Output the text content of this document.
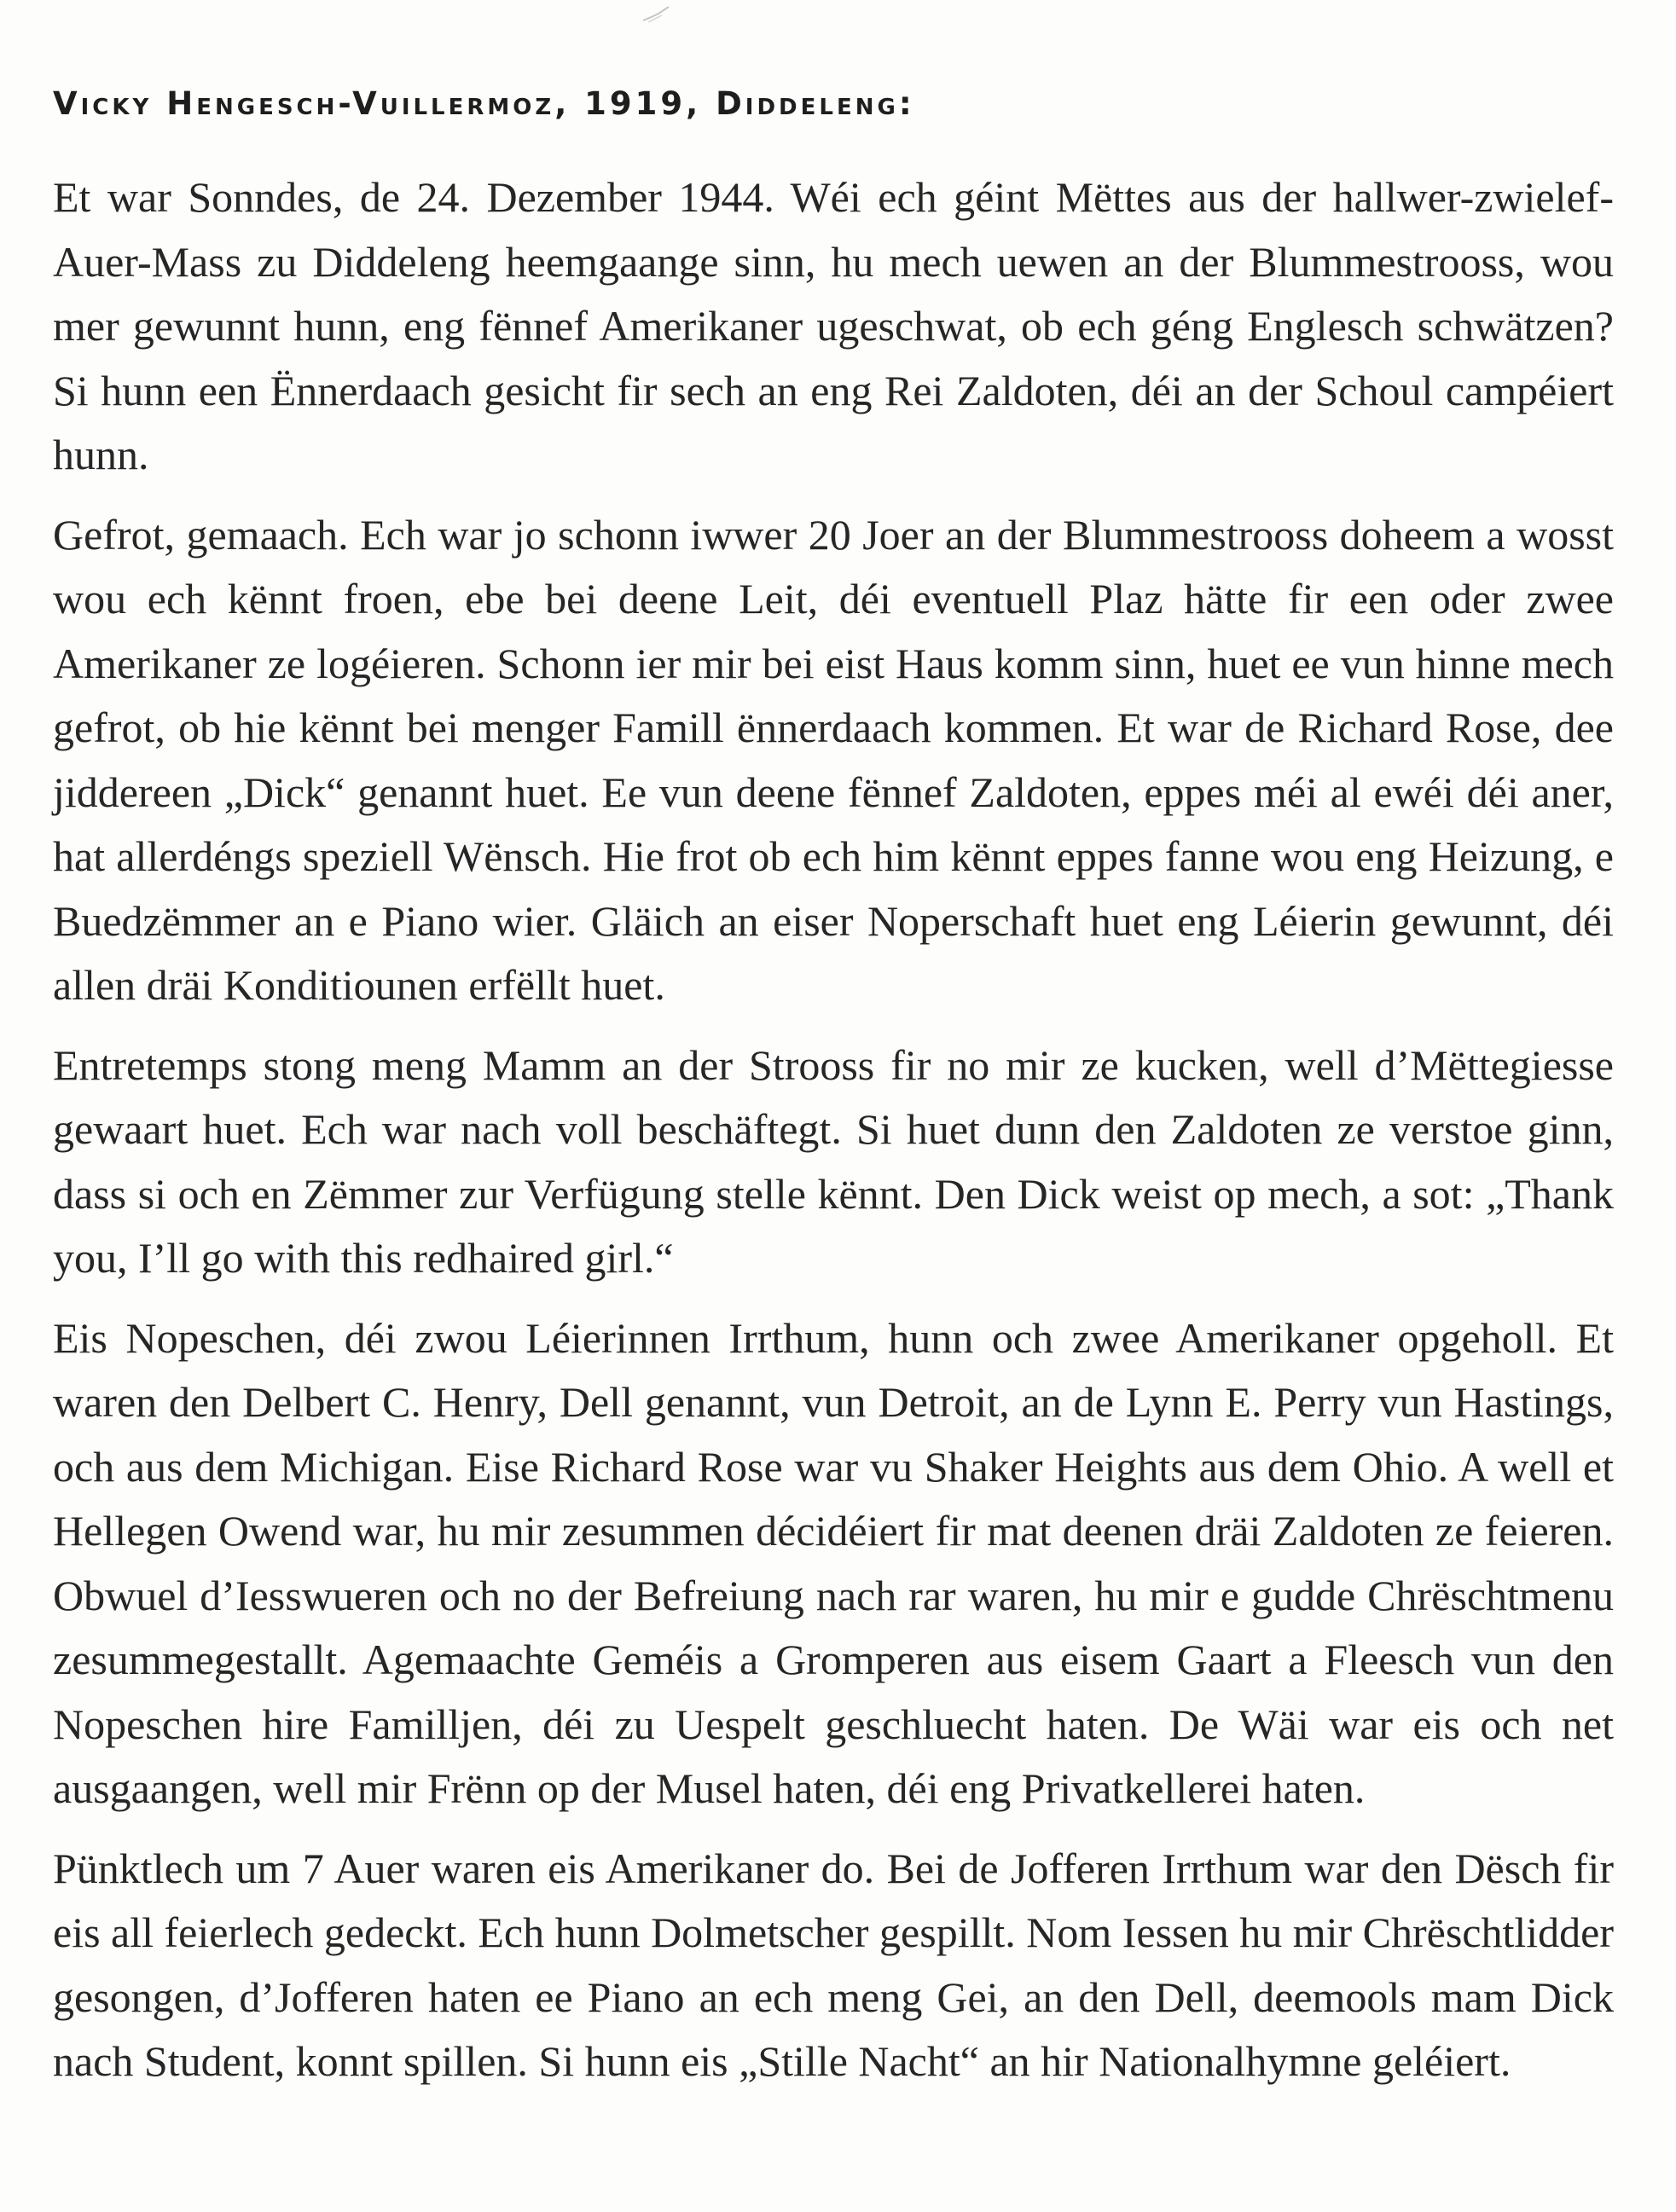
Vicky Hengesch-Vuillermoz, 1919, Diddeleng:

Et war Sonndes, de 24. Dezember 1944. Wéi ech géint Mëttes aus der hallwer-zwielef-Auer-Mass zu Diddeleng heemgaange sinn, hu mech uewen an der Blummestrooss, wou mer gewunnt hunn, eng fënnef Amerikaner ugeschwat, ob ech géng Englesch schwätzen? Si hunn een Ënnerdaach gesicht fir sech an eng Rei Zaldoten, déi an der Schoul campéiert hunn.

Gefrot, gemaach. Ech war jo schonn iwwer 20 Joer an der Blummestrooss doheem a wosst wou ech kënnt froen, ebe bei deene Leit, déi eventuell Plaz hätte fir een oder zwee Amerikaner ze logéieren. Schonn ier mir bei eist Haus komm sinn, huet ee vun hinne mech gefrot, ob hie kënnt bei menger Famill ënnerdaach kommen. Et war de Richard Rose, dee jiddereen „Dick“ genannt huet. Ee vun deene fënnef Zaldoten, eppes méi al ewéi déi aner, hat allerdéngs speziell Wënsch. Hie frot ob ech him kënnt eppes fanne wou eng Heizung, e Buedzëmmer an e Piano wier. Gläich an eiser Noperschaft huet eng Léierin gewunnt, déi allen dräi Konditiounen erfëllt huet.

Entretemps stong meng Mamm an der Strooss fir no mir ze kucken, well d’Mëttegiesse gewaart huet. Ech war nach voll beschäftegt. Si huet dunn den Zaldoten ze verstoe ginn, dass si och en Zëmmer zur Verfügung stelle kënnt. Den Dick weist op mech, a sot: „Thank you, I’ll go with this redhaired girl.“

Eis Nopeschen, déi zwou Léierinnen Irrthum, hunn och zwee Amerikaner opgeholl. Et waren den Delbert C. Henry, Dell genannt, vun Detroit, an de Lynn E. Perry vun Hastings, och aus dem Michigan. Eise Richard Rose war vu Shaker Heights aus dem Ohio. A well et Hellegen Owend war, hu mir zesummen décidéiert fir mat deenen dräi Zaldoten ze feieren. Obwuel d’Iesswueren och no der Befreiung nach rar waren, hu mir e gudde Chrëschtmenu zesummegestallt. Agemaachte Geméis a Gromperen aus eisem Gaart a Fleesch vun den Nopeschen hire Familljen, déi zu Uespelt geschluecht haten. De Wäi war eis och net ausgaangen, well mir Frënn op der Musel haten, déi eng Privatkellerei haten.

Pünktlech um 7 Auer waren eis Amerikaner do. Bei de Jofferen Irrthum war den Dësch fir eis all feierlech gedeckt. Ech hunn Dolmetscher gespillt. Nom Iessen hu mir Chrëschtlidder gesongen, d’Jofferen haten ee Piano an ech meng Gei, an den Dell, deemools mam Dick nach Student, konnt spillen. Si hunn eis „Stille Nacht“ an hir Nationalhymne geléiert.
